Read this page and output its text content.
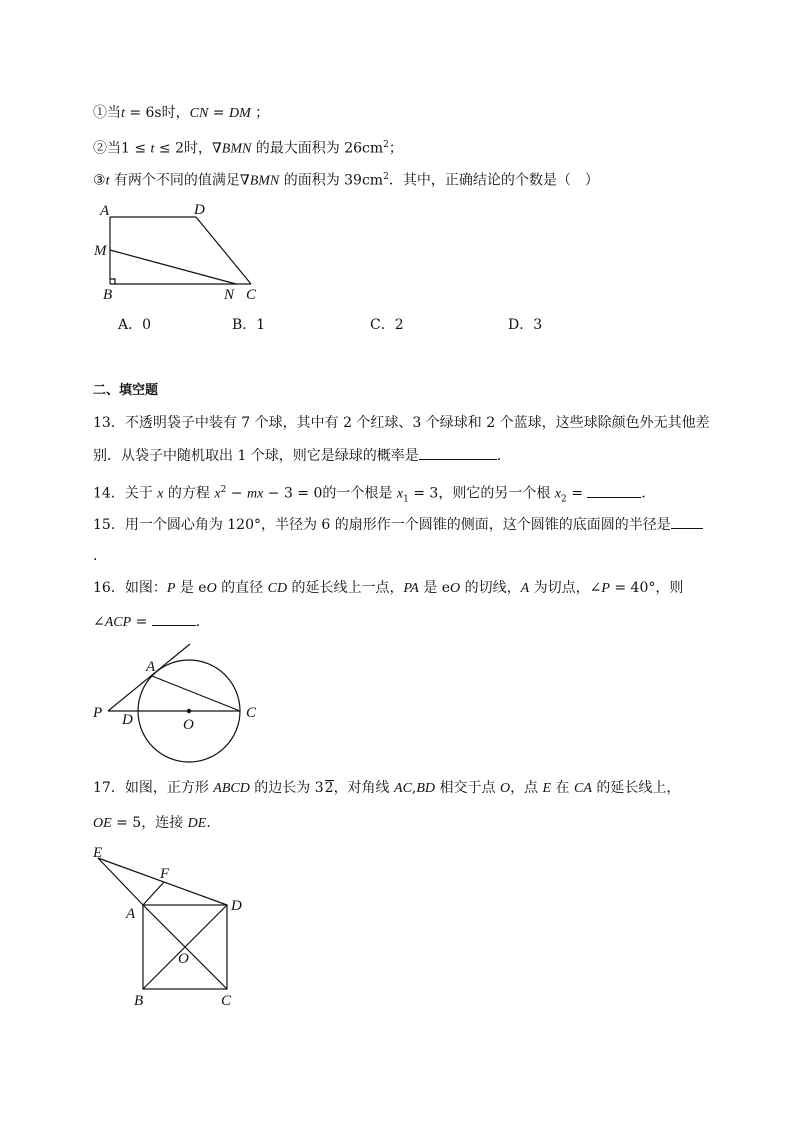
①当t = 6s时，CN = DM ；
②当1 ≤ t ≤ 2时，∇BMN 的最大面积为 $26cm^2$；
③t 有两个不同的值满足∇BMN 的面积为 $39cm^2$．其中，正确结论的个数是（　）
A	D
M
B	N C
A．0	B．1	C．2	D．3
二、填空题
13．不透明袋子中装有 7 个球，其中有 2 个红球、3 个绿球和 2 个蓝球，这些球除颜色外无其他差
别．从袋子中随机取出 1 个球，则它是绿球的概率是	．
14．关于 x 的方程 $x^2$ − mx − 3 = 0的一个根是 $x_1 = 3$，则它的另一个根 $x_2$ =	．
15．用一个圆心角为 120°，半径为 6 的扇形作一个圆锥的侧面，这个圆锥的底面圆的半径是
．
16．如图：P 是 eO 的直径 CD 的延长线上一点，PA 是 eO 的切线，A 为切点，∠P = 40°，则
∠ACP =	．
A
P D	O
C
17．如图，正方形 ABCD 的边长为 32，对角线 AC,BD 相交于点 O，点 E 在 CA 的延长线上，
OE = 5，连接 DE．
E
F
A	D
O
B	C
